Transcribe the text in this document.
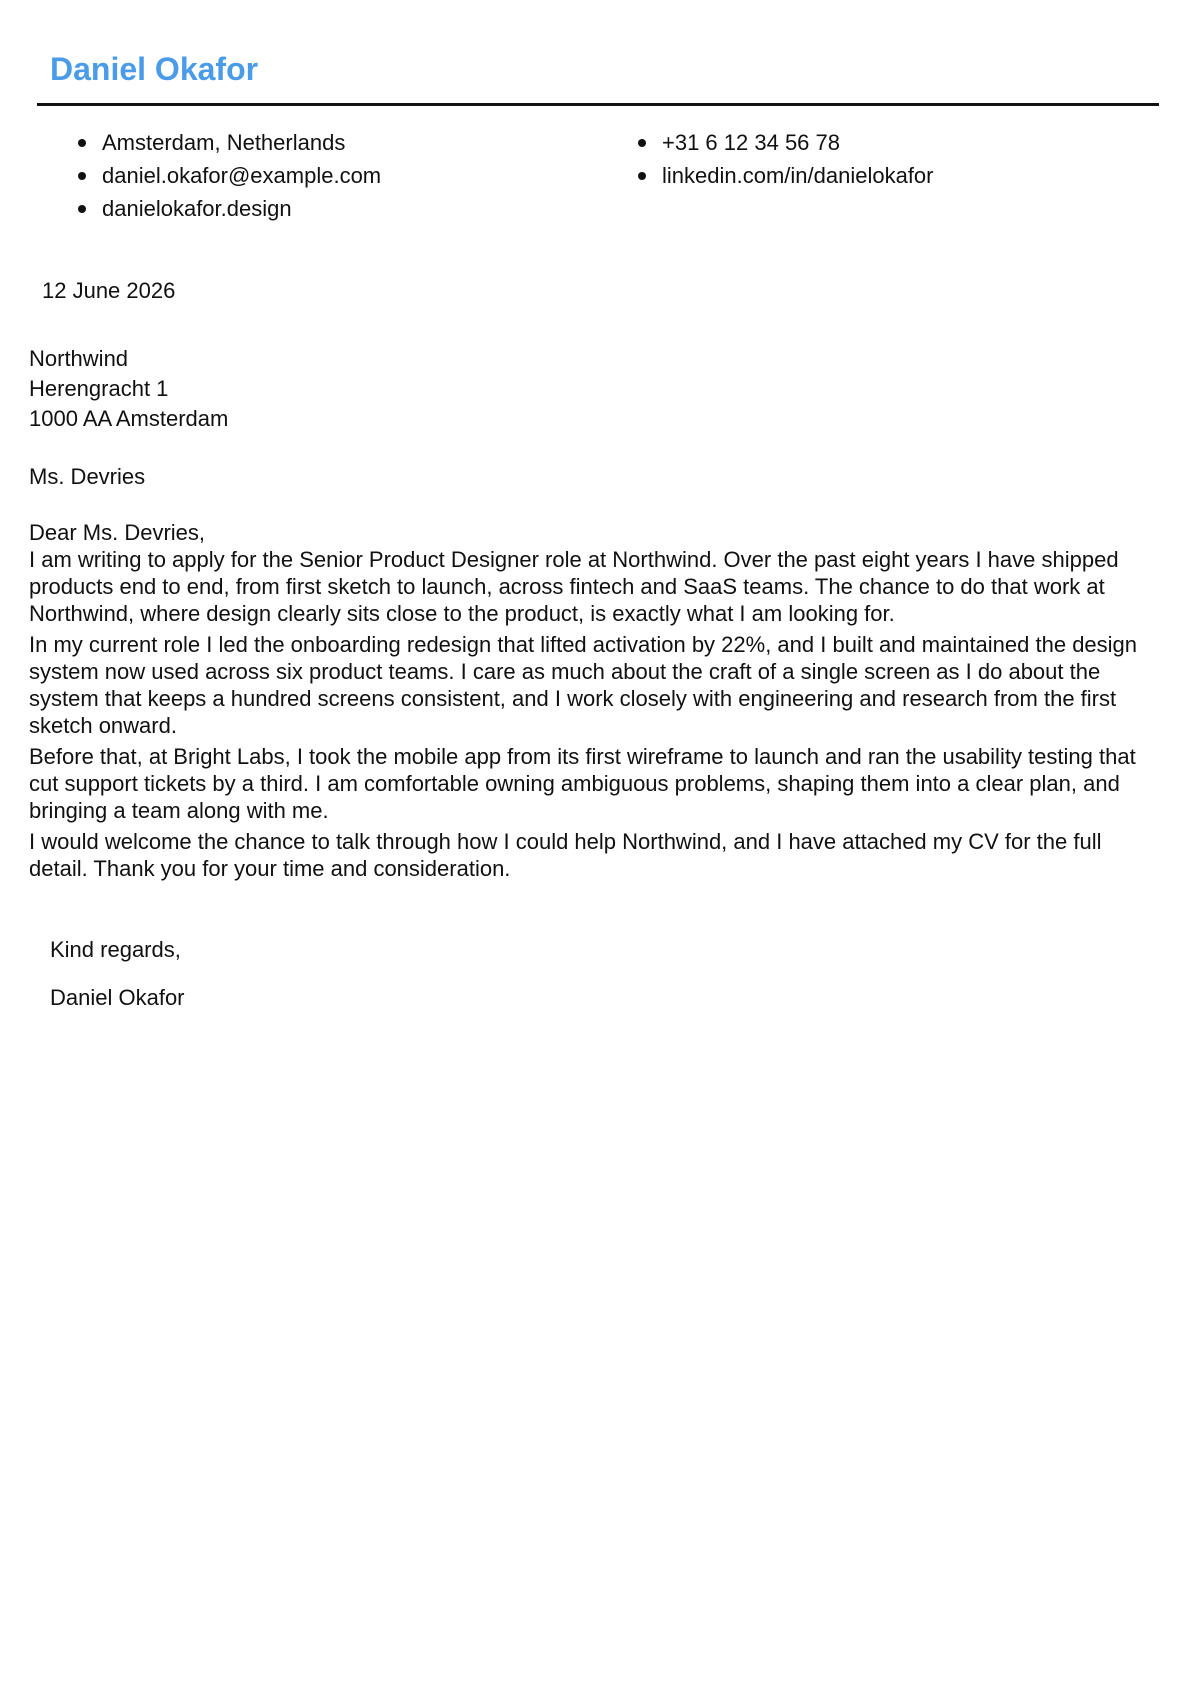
Daniel Okafor
Amsterdam, Netherlands
daniel.okafor@example.com
danielokafor.design
+31 6 12 34 56 78
linkedin.com/in/danielokafor
12 June 2026
Northwind
Herengracht 1
1000 AA Amsterdam
Ms. Devries
Dear Ms. Devries,

I am writing to apply for the Senior Product Designer role at Northwind. Over the past eight years I have shipped products end to end, from first sketch to launch, across fintech and SaaS teams. The chance to do that work at Northwind, where design clearly sits close to the product, is exactly what I am looking for.

In my current role I led the onboarding redesign that lifted activation by 22%, and I built and maintained the design system now used across six product teams. I care as much about the craft of a single screen as I do about the system that keeps a hundred screens consistent, and I work closely with engineering and research from the first sketch onward.

Before that, at Bright Labs, I took the mobile app from its first wireframe to launch and ran the usability testing that cut support tickets by a third. I am comfortable owning ambiguous problems, shaping them into a clear plan, and bringing a team along with me.

I would welcome the chance to talk through how I could help Northwind, and I have attached my CV for the full detail. Thank you for your time and consideration.

Kind regards,
Daniel Okafor
